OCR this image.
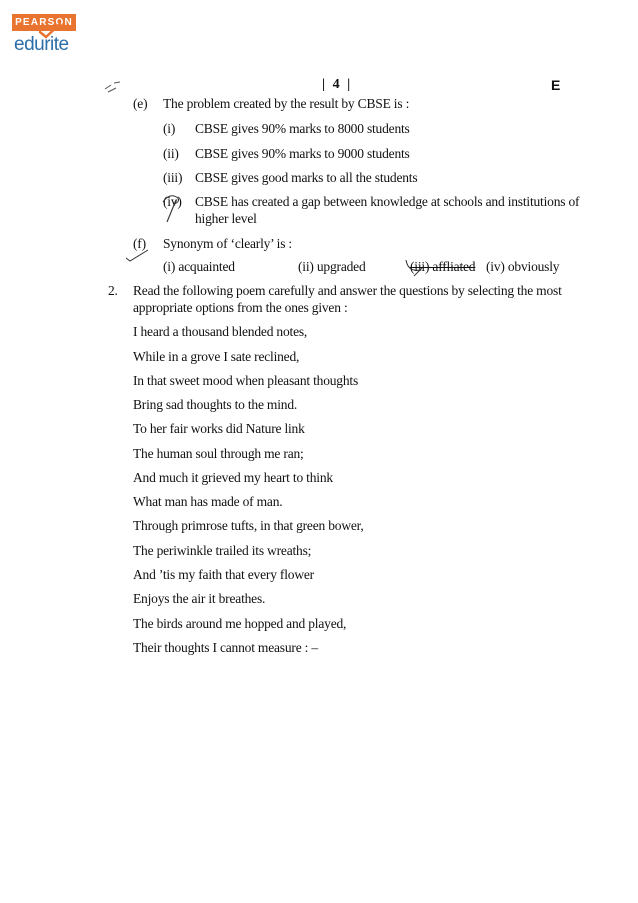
PEARSON
edurite
| 4 |	E
(e) The problem created by the result by CBSE is :
(i) CBSE gives 90% marks to 8000 students
(ii) CBSE gives 90% marks to 9000 students
(iii) CBSE gives good marks to all the students
(iv) CBSE has created a gap between knowledge at schools and institutions of
higher level
(f) Synonym of ‘clearly’ is :
(i) acquainted	(ii) upgraded	(iii) affliated (iv) obviously
2. Read the following poem carefully and answer the questions by selecting the most
appropriate options from the ones given :
I heard a thousand blended notes,
While in a grove I sate reclined,
In that sweet mood when pleasant thoughts
Bring sad thoughts to the mind.
To her fair works did Nature link
The human soul through me ran;
And much it grieved my heart to think
What man has made of man.
Through primrose tufts, in that green bower,
The periwinkle trailed its wreaths;
And ’tis my faith that every flower
Enjoys the air it breathes.
The birds around me hopped and played,
Their thoughts I cannot measure : –
